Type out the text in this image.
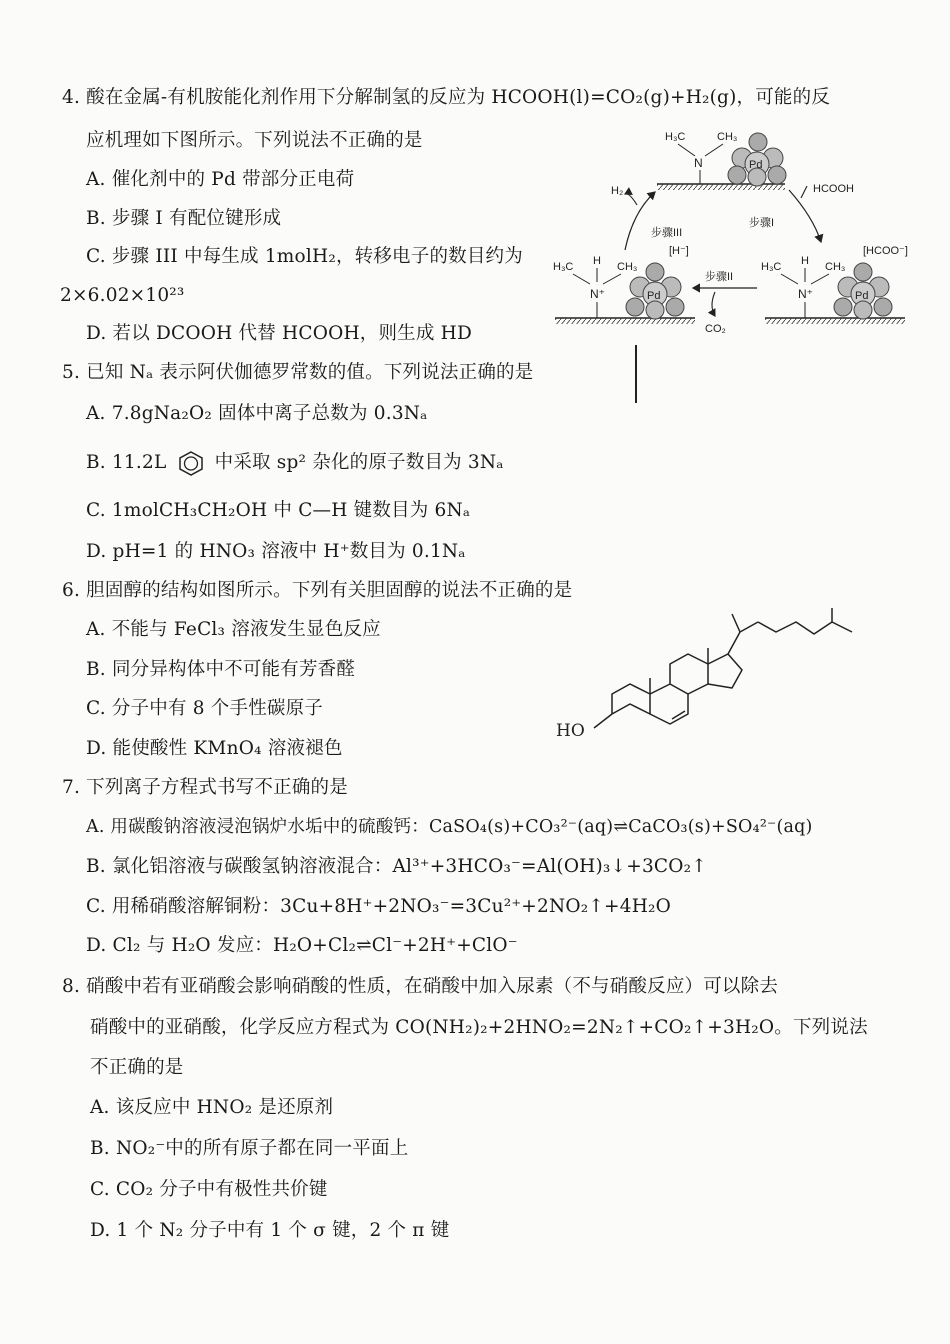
4. 酸在金属-有机胺能化剂作用下分解制氢的反应为 HCOOH(l)=CO₂(g)+H₂(g)，可能的反
应机理如下图所示。下列说法不正确的是
A. 催化剂中的 Pd 带部分正电荷
B. 步骤 I 有配位键形成
C. 步骤 III 中每生成 1molH₂，转移电子的数目约为
2×6.02×10²³
D. 若以 DCOOH 代替 HCOOH，则生成 HD
H₃C	CH₃
N	Pd
H₃C H CH₃
N⁺	Pd
[H⁻]
H₃C H CH₃
N⁺	Pd
[HCOO⁻]
H₂
步骤III
HCOOH
步骤I
步骤II
CO₂
5. 已知 Nₐ 表示阿伏伽德罗常数的值。下列说法正确的是
A. 7.8gNa₂O₂ 固体中离子总数为 0.3Nₐ
B. 11.2L	中采取 sp² 杂化的原子数目为 3Nₐ
C. 1molCH₃CH₂OH 中 C—H 键数目为 6Nₐ
D. pH=1 的 HNO₃ 溶液中 H⁺数目为 0.1Nₐ
6. 胆固醇的结构如图所示。下列有关胆固醇的说法不正确的是
A. 不能与 FeCl₃ 溶液发生显色反应
B. 同分异构体中不可能有芳香醛
C. 分子中有 8 个手性碳原子
D. 能使酸性 KMnO₄ 溶液褪色
HO
7. 下列离子方程式书写不正确的是
A. 用碳酸钠溶液浸泡锅炉水垢中的硫酸钙：CaSO₄(s)+CO₃²⁻(aq)⇌CaCO₃(s)+SO₄²⁻(aq)
B. 氯化铝溶液与碳酸氢钠溶液混合：Al³⁺+3HCO₃⁻=Al(OH)₃↓+3CO₂↑
C. 用稀硝酸溶解铜粉：3Cu+8H⁺+2NO₃⁻=3Cu²⁺+2NO₂↑+4H₂O
D. Cl₂ 与 H₂O 发应：H₂O+Cl₂⇌Cl⁻+2H⁺+ClO⁻
8. 硝酸中若有亚硝酸会影响硝酸的性质，在硝酸中加入尿素（不与硝酸反应）可以除去
硝酸中的亚硝酸，化学反应方程式为 CO(NH₂)₂+2HNO₂=2N₂↑+CO₂↑+3H₂O。下列说法
不正确的是
A. 该反应中 HNO₂ 是还原剂
B. NO₂⁻中的所有原子都在同一平面上
C. CO₂ 分子中有极性共价键
D. 1 个 N₂ 分子中有 1 个 σ 键，2 个 π 键
